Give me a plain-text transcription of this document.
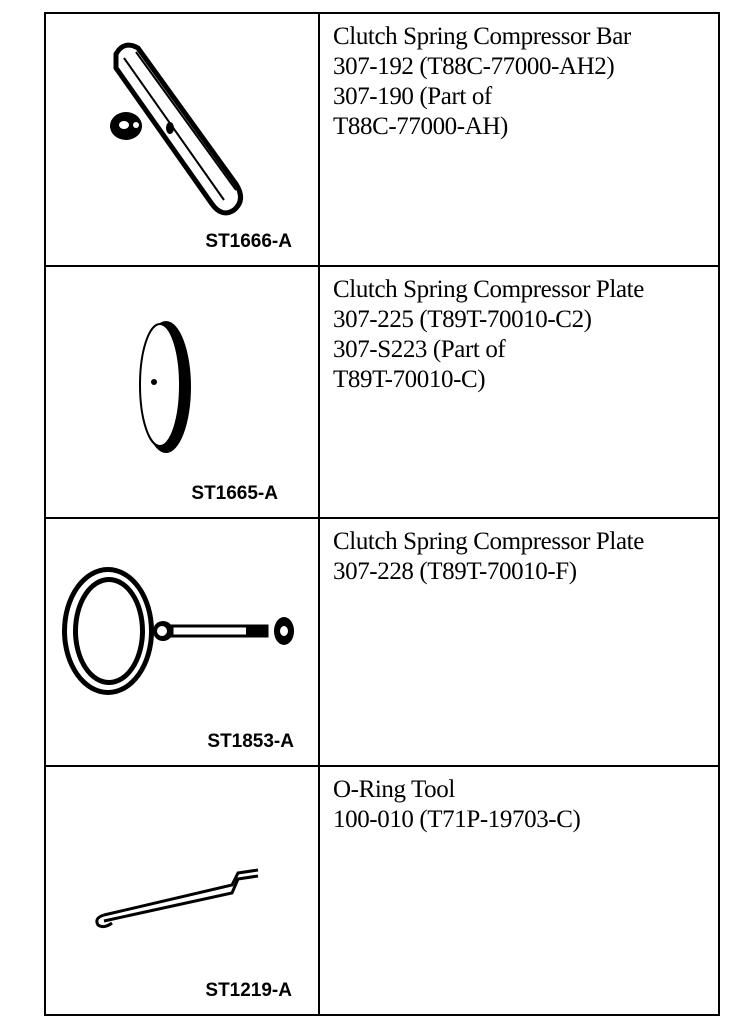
ST1666-A
Clutch Spring Compressor Bar
307-192 (T88C-77000-AH2)
307-190 (Part of
T88C-77000-AH)
ST1665-A
Clutch Spring Compressor Plate
307-225 (T89T-70010-C2)
307-S223 (Part of
T89T-70010-C)
ST1853-A
Clutch Spring Compressor Plate
307-228 (T89T-70010-F)
ST1219-A
O-Ring Tool
100-010 (T71P-19703-C)
